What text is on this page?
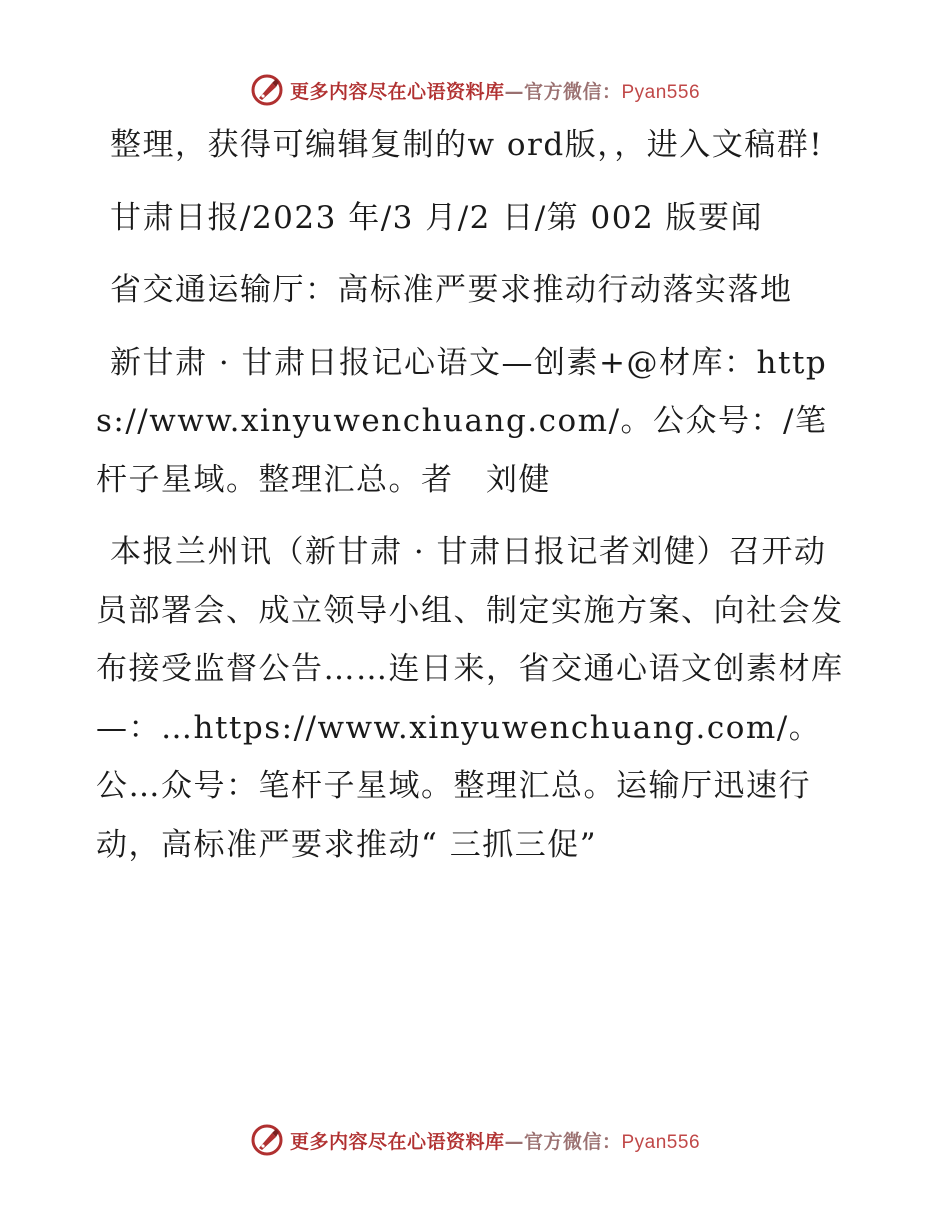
更多内容尽在心语资料库—官方微信：Pyan556

整理，获得可编辑复制的w ord版，，进入文稿群!

甘肃日报/2023 年/3 月/2 日/第 002 版要闻

省交通运输厅：高标准严要求推动行动落实落地

新甘肃 · 甘肃日报记心语文—创素+@材库：https://www.xinyuwenchuang.com/。公众号：/笔杆子星域。整理汇总。者　刘健

本报兰州讯（新甘肃 · 甘肃日报记者刘健）召开动员部署会、成立领导小组、制定实施方案、向社会发布接受监督公告……连日来，省交通心语文创素材库—：…https://www.xinyuwenchuang.com/。公…众号：笔杆子星域。整理汇总。运输厅迅速行动，高标准严要求推动“ 三抓三促”

更多内容尽在心语资料库—官方微信：Pyan556
